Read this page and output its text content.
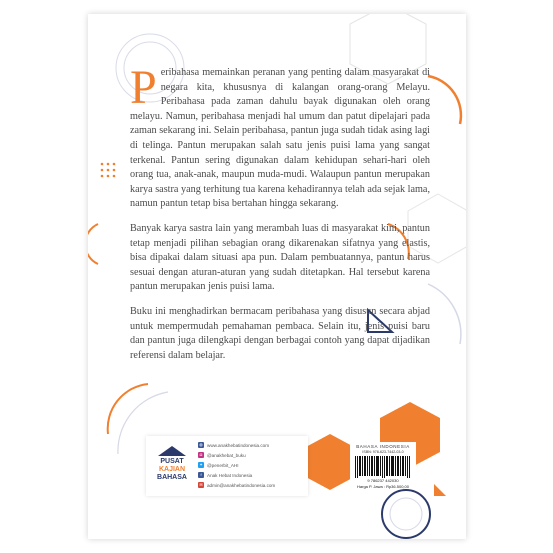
Peribahasa memainkan peranan yang penting dalam masyarakat di negara kita, khususnya di kalangan orang-orang Melayu. Peribahasa pada zaman dahulu bayak digunakan oleh orang melayu. Namun, peribahasa menjadi hal umum dan patut dipelajari pada zaman sekarang ini. Selain peribahasa, pantun juga sudah tidak asing lagi di telinga. Pantun merupakan salah satu jenis puisi lama yang sangat terkenal. Pantun sering digunakan dalam kehidupan sehari-hari oleh orang tua, anak-anak, maupun muda-mudi. Walaupun pantun merupakan karya sastra yang terhitung tua karena kehadirannya telah ada sejak lama, namun pantun tetap bisa bertahan hingga sekarang.

Banyak karya sastra lain yang merambah luas di masyarakat kini, pantun tetap menjadi pilihan sebagian orang dikarenakan sifatnya yang elastis, bisa dipakai dalam situasi apa pun. Dalam pembuatannya, pantun harus sesuai dengan aturan-aturan yang sudah ditetapkan. Hal tersebut karena pantun merupakan jenis puisi lama.

Buku ini menghadirkan bermacam peribahasa yang disusun secara abjad untuk mempermudah pemahaman pembaca. Selain itu, jenis puisi baru dan pantun juga dilengkapi dengan berbagai contoh yang dapat dijadikan referensi dalam belajar.

PUSAT
KAJIAN
BAHASA
◍ www.anakhebatindonesia.com
◘	@anakhebat_buku
✦ @penerbit_AHI
f	Anak Hebat Indonesia
✉ admin@anakhebatindonesia.com
BAHASA INDONESIA
ISBN: 978-623-7442-03-0
9 786237 442030
Harga P. Jawa : Rp36.500,00
